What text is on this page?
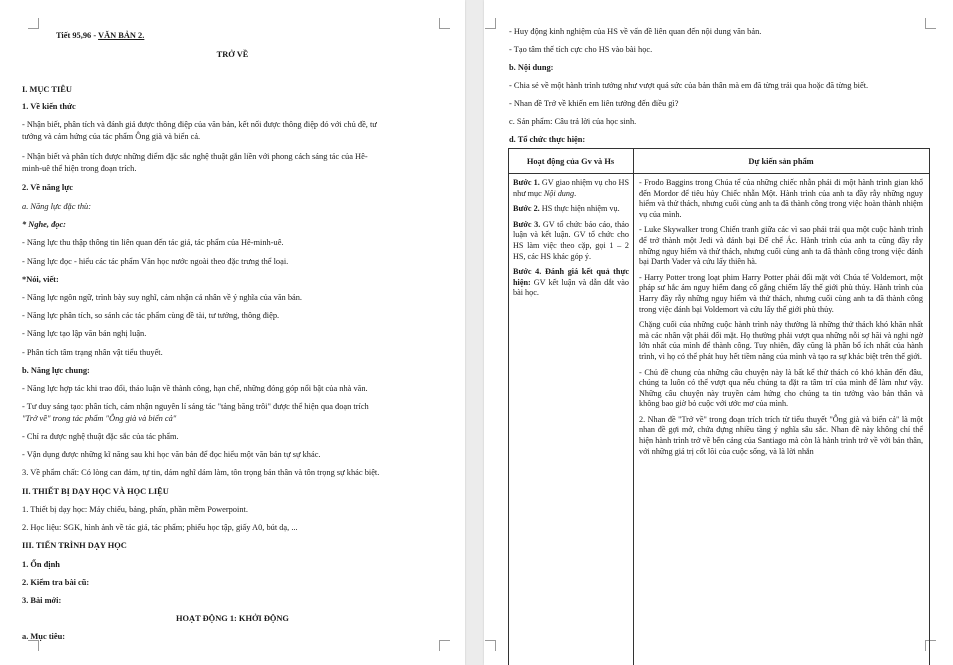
Tiết 95,96 - VĂN BẢN 2.
TRỞ VỀ
I. MỤC TIÊU
1. Về kiến thức
- Nhận biết, phân tích và đánh giá được thông điệp của văn bản, kết nối được thông điệp đó với chủ đề, tư
tưởng và cảm hứng của tác phẩm Ông già và biển cả.
- Nhận biết và phân tích được những điểm đặc sắc nghệ thuật gắn liền với phong cách sáng tác của Hê-
minh-uê thể hiện trong đoạn trích.
2. Về năng lực
a. Năng lực đặc thù:
* Nghe, đọc:
- Năng lực thu thập thông tin liên quan đến tác giả, tác phẩm của Hê-minh-uê.
- Năng lực đọc - hiểu các tác phẩm Văn học nước ngoài theo đặc trưng thể loại.
*Nói, viết:
- Năng lực ngôn ngữ, trình bày suy nghĩ, cảm nhận cá nhân về ý nghĩa của văn bản.
- Năng lực phân tích, so sánh các tác phẩm cùng đề tài, tư tưởng, thông điệp.
- Năng lực tạo lập văn bản nghị luận.
- Phân tích tâm trạng nhân vật tiểu thuyết.
b. Năng lực chung:
- Năng lực hợp tác khi trao đổi, thảo luận về thành công, hạn chế, những đóng góp nổi bật của nhà văn.
- Tư duy sáng tạo: phân tích, cảm nhận nguyên lí sáng tác "tảng băng trôi" được thể hiện qua đoạn trích
"Trở về" trong tác phẩm "Ông già và biển cả"
- Chỉ ra được nghệ thuật đặc sắc của tác phẩm.
- Vận dụng được những kĩ năng sau khi học văn bản để đọc hiểu một văn bản tự sự khác.
3. Về phẩm chất: Có lòng can đảm, tự tin, dám nghĩ dám làm, tôn trọng bản thân và tôn trọng sự khác biệt.
II. THIẾT BỊ DẠY HỌC VÀ HỌC LIỆU
1. Thiết bị dạy học: Máy chiếu, bảng, phấn, phần mềm Powerpoint.
2. Học liệu: SGK, hình ảnh về tác giả, tác phẩm; phiếu học tập, giấy A0, bút dạ, ...
III. TIẾN TRÌNH DẠY HỌC
1. Ổn định
2. Kiểm tra bài cũ:
3. Bài mới:
HOẠT ĐỘNG 1: KHỞI ĐỘNG
a. Mục tiêu:
- Huy động kinh nghiệm của HS về vấn đề liên quan đến nội dung văn bản.
- Tạo tâm thế tích cực cho HS vào bài học.
b. Nội dung:
- Chia sẻ về một hành trình tưởng như vượt quá sức của bản thân mà em đã từng trải qua hoặc đã từng biết.
- Nhan đề Trở về khiến em liên tưởng đến điều gì?
c. Sản phẩm: Câu trả lời của học sinh.
d. Tổ chức thực hiện:
Hoạt động của Gv và Hs	Dự kiến sản phẩm
Bước 1. GV giao nhiệm vụ cho HS như mục Nội dung.
Bước 2. HS thực hiện nhiệm vụ.
Bước 3. GV tổ chức báo cáo, thảo luận và kết luận. GV tổ chức cho HS làm việc theo cặp, gọi 1 – 2 HS, các HS khác góp ý.
Bước 4. Đánh giá kết quả thực hiện: GV kết luận và dẫn dắt vào bài học.
- Frodo Baggins trong Chúa tể của những chiếc nhẫn phải đi một hành trình gian khổ đến Mordor để tiêu hủy Chiếc nhẫn Một. Hành trình của anh ta đầy rẫy những nguy hiểm và thử thách, nhưng cuối cùng anh ta đã thành công trong việc hoàn thành nhiệm vụ của mình.
- Luke Skywalker trong Chiến tranh giữa các vì sao phải trải qua một cuộc hành trình để trở thành một Jedi và đánh bại Đế chế Ác. Hành trình của anh ta cũng đầy rẫy những nguy hiểm và thử thách, nhưng cuối cùng anh ta đã thành công trong việc đánh bại Darth Vader và cứu lấy thiên hà.
- Harry Potter trong loạt phim Harry Potter phải đối mặt với Chúa tể Voldemort, một pháp sư hắc ám nguy hiểm đang cố gắng chiếm lấy thế giới phù thủy. Hành trình của Harry đầy rẫy những nguy hiểm và thử thách, nhưng cuối cùng anh ta đã thành công trong việc đánh bại Voldemort và cứu lấy thế giới phù thủy.
Chặng cuối của những cuộc hành trình này thường là những thử thách khó khăn nhất mà các nhân vật phải đối mặt. Họ thường phải vượt qua những nỗi sợ hãi và nghi ngờ lớn nhất của mình để thành công. Tuy nhiên, đây cũng là phần bổ ích nhất của hành trình, vì họ có thể phát huy hết tiềm năng của mình và tạo ra sự khác biệt trên thế giới.
- Chủ đề chung của những câu chuyện này là bất kể thử thách có khó khăn đến đâu, chúng ta luôn có thể vượt qua nếu chúng ta đặt ra tâm trí của mình để làm như vậy. Những câu chuyện này truyền cảm hứng cho chúng ta tin tưởng vào bản thân và không bao giờ bỏ cuộc với ước mơ của mình.
2. Nhan đề "Trở về" trong đoạn trích trích từ tiểu thuyết "Ông già và biển cả" là một nhan đề gợi mở, chứa đựng nhiều tầng ý nghĩa sâu sắc. Nhan đề này không chỉ thể hiện hành trình trở về bến cảng của Santiago mà còn là hành trình trở về với bản thân, với những giá trị cốt lõi của cuộc sống, và là lời nhắn
